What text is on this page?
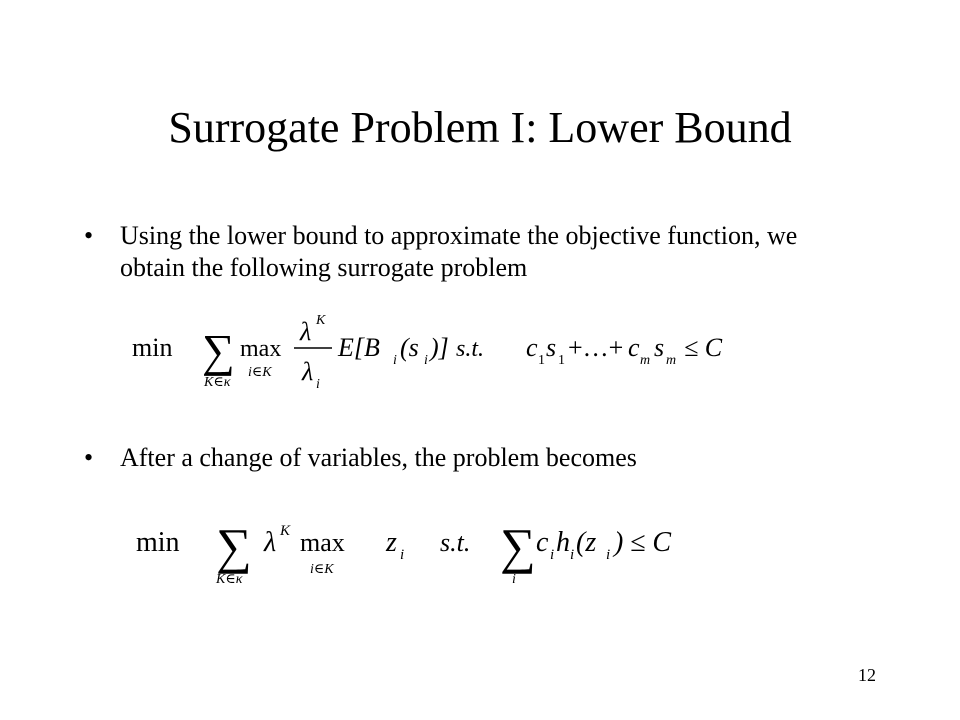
Surrogate Problem I: Lower Bound
• Using the lower bound to approximate the objective function, we obtain the following surrogate problem
min ∑
K∈κ
max
i∈K
λ K
λ i
E[B i (s i )] s.t. c 1 s 1 +…+ c m s m ≤ C
• After a change of variables, the problem becomes
min ∑
K∈κ
λ K max
i∈K
z i s.t. ∑
i
c i h i (z i ) ≤ C
12
